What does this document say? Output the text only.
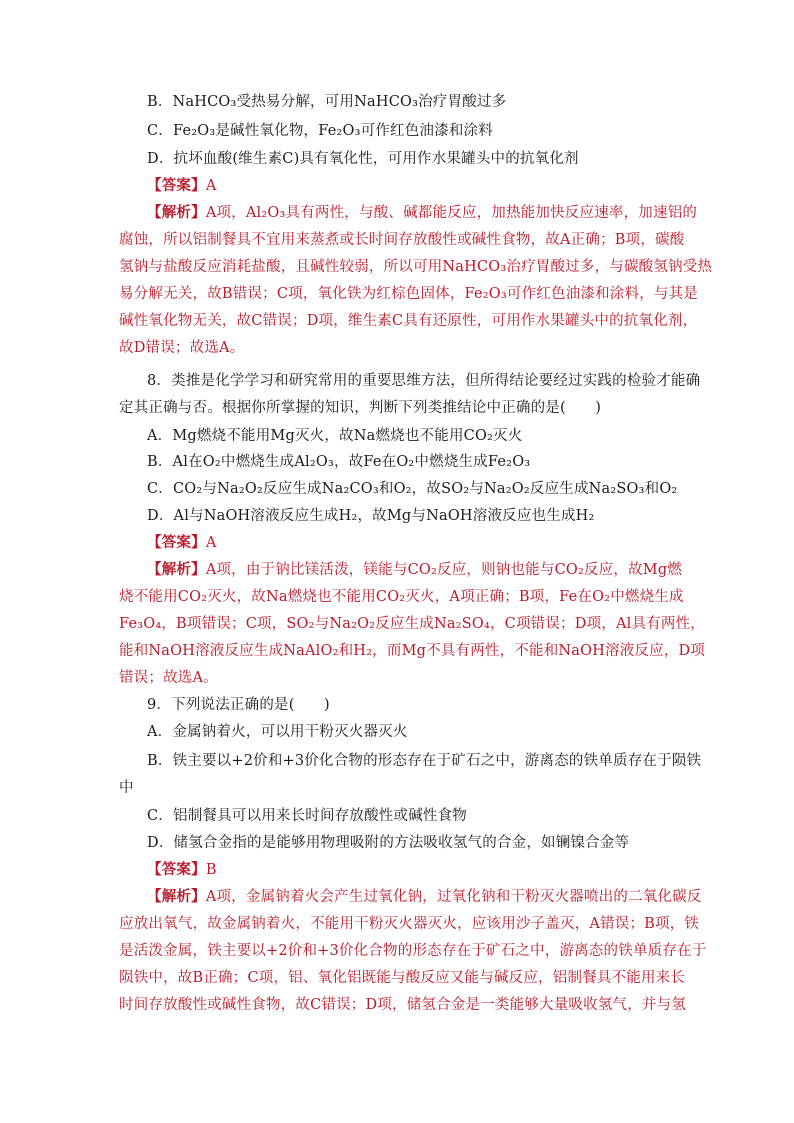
B．NaHCO₃受热易分解，可用NaHCO₃治疗胃酸过多
C．Fe₂O₃是碱性氧化物，Fe₂O₃可作红色油漆和涂料
D．抗坏血酸(维生素C)具有氧化性，可用作水果罐头中的抗氧化剂
【答案】A
【解析】A项，Al₂O₃具有两性，与酸、碱都能反应，加热能加快反应速率，加速铝的
腐蚀，所以铝制餐具不宜用来蒸煮或长时间存放酸性或碱性食物，故A正确；B项，碳酸
氢钠与盐酸反应消耗盐酸，且碱性较弱，所以可用NaHCO₃治疗胃酸过多，与碳酸氢钠受热
易分解无关，故B错误；C项，氧化铁为红棕色固体，Fe₂O₃可作红色油漆和涂料，与其是
碱性氧化物无关，故C错误；D项，维生素C具有还原性，可用作水果罐头中的抗氧化剂，
故D错误；故选A。
8．类推是化学学习和研究常用的重要思维方法，但所得结论要经过实践的检验才能确
定其正确与否。根据你所掌握的知识，判断下列类推结论中正确的是(　　)
A．Mg燃烧不能用Mg灭火，故Na燃烧也不能用CO₂灭火
B．Al在O₂中燃烧生成Al₂O₃，故Fe在O₂中燃烧生成Fe₂O₃
C．CO₂与Na₂O₂反应生成Na₂CO₃和O₂，故SO₂与Na₂O₂反应生成Na₂SO₃和O₂
D．Al与NaOH溶液反应生成H₂，故Mg与NaOH溶液反应也生成H₂
【答案】A
【解析】A项，由于钠比镁活泼，镁能与CO₂反应，则钠也能与CO₂反应，故Mg燃
烧不能用CO₂灭火，故Na燃烧也不能用CO₂灭火，A项正确；B项，Fe在O₂中燃烧生成
Fe₃O₄，B项错误；C项，SO₂与Na₂O₂反应生成Na₂SO₄，C项错误；D项，Al具有两性，
能和NaOH溶液反应生成NaAlO₂和H₂，而Mg不具有两性，不能和NaOH溶液反应，D项
错误；故选A。
9．下列说法正确的是(　　)
A．金属钠着火，可以用干粉灭火器灭火
B．铁主要以+2价和+3价化合物的形态存在于矿石之中，游离态的铁单质存在于陨铁
中
C．铝制餐具可以用来长时间存放酸性或碱性食物
D．储氢合金指的是能够用物理吸附的方法吸收氢气的合金，如镧镍合金等
【答案】B
【解析】A项，金属钠着火会产生过氧化钠，过氧化钠和干粉灭火器喷出的二氧化碳反
应放出氧气，故金属钠着火，不能用干粉灭火器灭火，应该用沙子盖灭，A错误；B项，铁
是活泼金属，铁主要以+2价和+3价化合物的形态存在于矿石之中，游离态的铁单质存在于
陨铁中，故B正确；C项，铝、氧化铝既能与酸反应又能与碱反应，铝制餐具不能用来长
时间存放酸性或碱性食物，故C错误；D项，储氢合金是一类能够大量吸收氢气，并与氢
